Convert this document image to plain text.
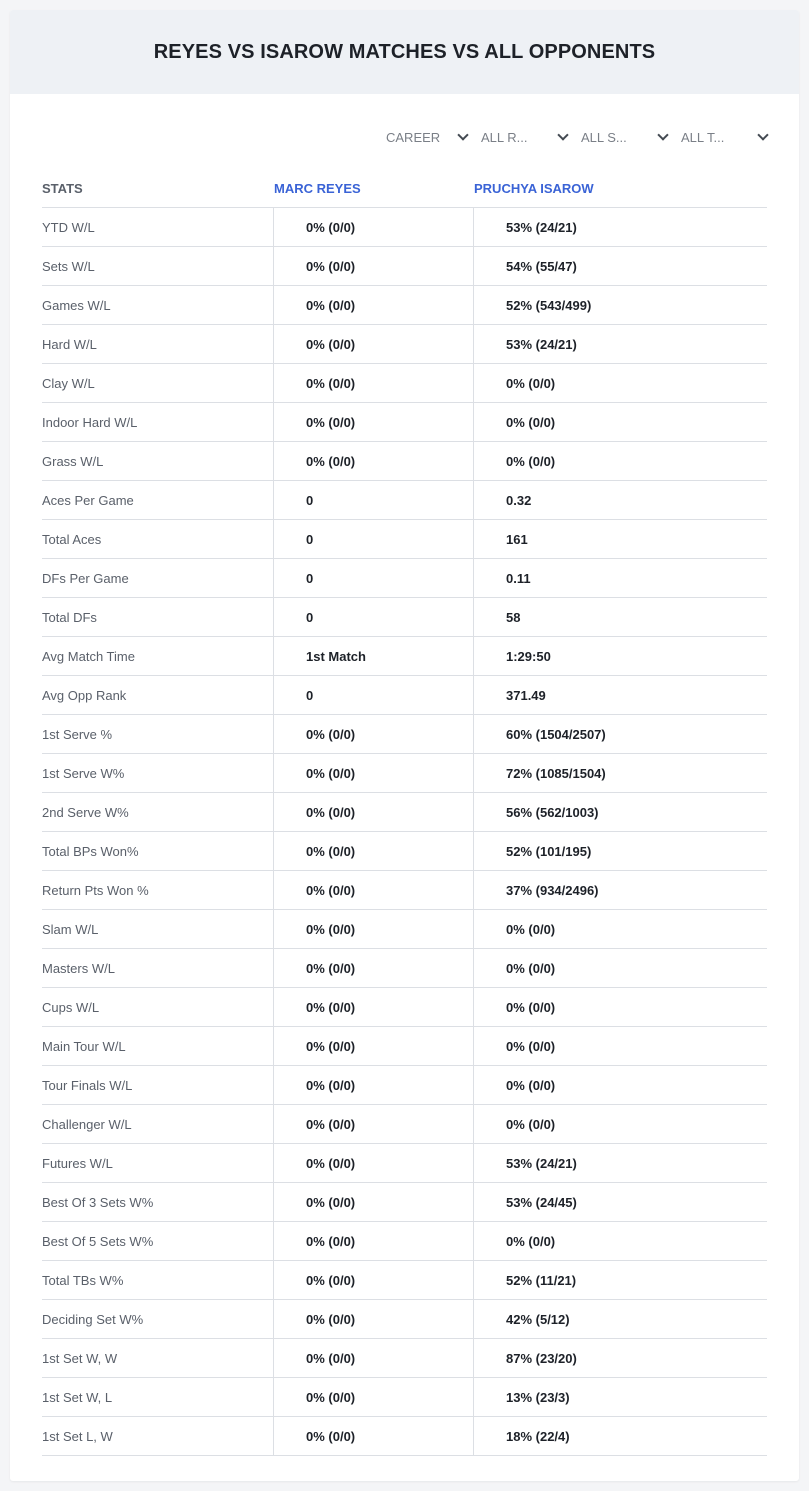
REYES VS ISAROW MATCHES VS ALL OPPONENTS
CAREER	ALL R...	ALL S...	ALL T...
STATS	MARC REYES	PRUCHYA ISAROW
YTD W/L	0% (0/0)	53% (24/21)
Sets W/L	0% (0/0)	54% (55/47)
Games W/L	0% (0/0)	52% (543/499)
Hard W/L	0% (0/0)	53% (24/21)
Clay W/L	0% (0/0)	0% (0/0)
Indoor Hard W/L	0% (0/0)	0% (0/0)
Grass W/L	0% (0/0)	0% (0/0)
Aces Per Game	0	0.32
Total Aces	0	161
DFs Per Game	0	0.11
Total DFs	0	58
Avg Match Time	1st Match	1:29:50
Avg Opp Rank	0	371.49
1st Serve %	0% (0/0)	60% (1504/2507)
1st Serve W%	0% (0/0)	72% (1085/1504)
2nd Serve W%	0% (0/0)	56% (562/1003)
Total BPs Won%	0% (0/0)	52% (101/195)
Return Pts Won %	0% (0/0)	37% (934/2496)
Slam W/L	0% (0/0)	0% (0/0)
Masters W/L	0% (0/0)	0% (0/0)
Cups W/L	0% (0/0)	0% (0/0)
Main Tour W/L	0% (0/0)	0% (0/0)
Tour Finals W/L	0% (0/0)	0% (0/0)
Challenger W/L	0% (0/0)	0% (0/0)
Futures W/L	0% (0/0)	53% (24/21)
Best Of 3 Sets W%	0% (0/0)	53% (24/45)
Best Of 5 Sets W%	0% (0/0)	0% (0/0)
Total TBs W%	0% (0/0)	52% (11/21)
Deciding Set W%	0% (0/0)	42% (5/12)
1st Set W, W	0% (0/0)	87% (23/20)
1st Set W, L	0% (0/0)	13% (23/3)
1st Set L, W	0% (0/0)	18% (22/4)
